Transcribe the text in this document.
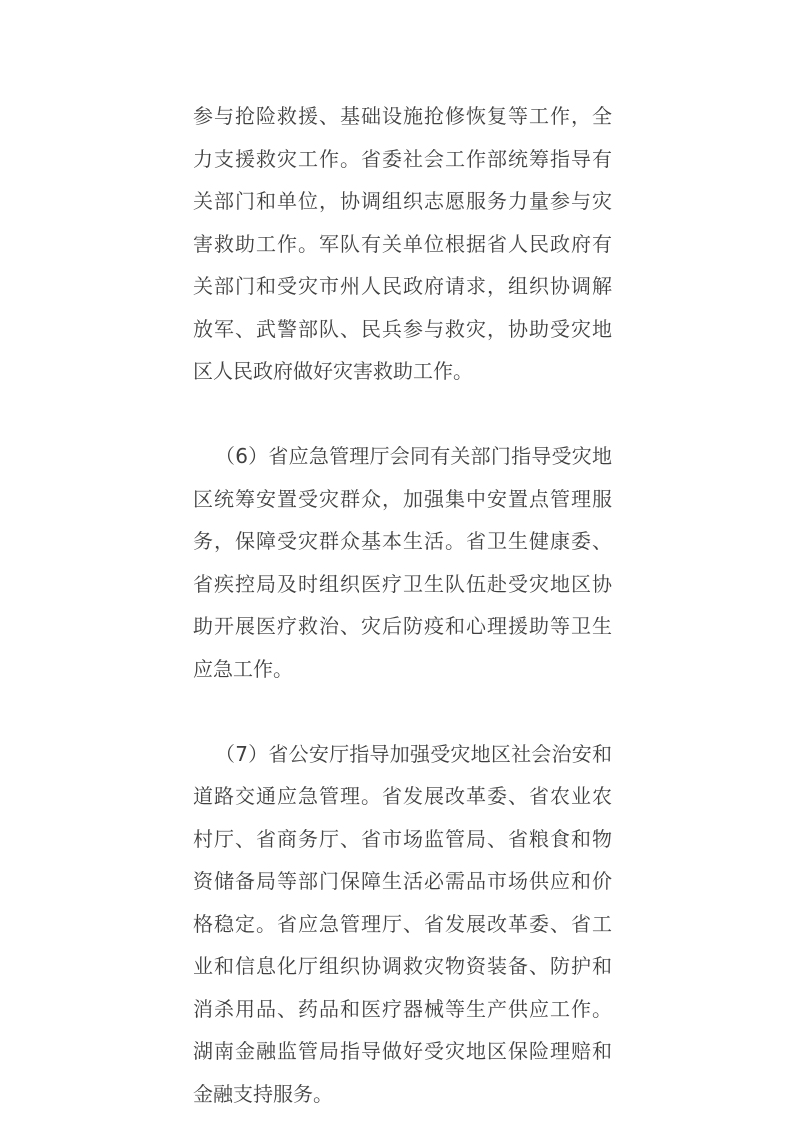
参与抢险救援、基础设施抢修恢复等工作，全力支援救灾工作。省委社会工作部统筹指导有关部门和单位，协调组织志愿服务力量参与灾害救助工作。军队有关单位根据省人民政府有关部门和受灾市州人民政府请求，组织协调解放军、武警部队、民兵参与救灾，协助受灾地区人民政府做好灾害救助工作。

（6）省应急管理厅会同有关部门指导受灾地区统筹安置受灾群众，加强集中安置点管理服务，保障受灾群众基本生活。省卫生健康委、省疾控局及时组织医疗卫生队伍赴受灾地区协助开展医疗救治、灾后防疫和心理援助等卫生应急工作。

（7）省公安厅指导加强受灾地区社会治安和道路交通应急管理。省发展改革委、省农业农村厅、省商务厅、省市场监管局、省粮食和物资储备局等部门保障生活必需品市场供应和价格稳定。省应急管理厅、省发展改革委、省工业和信息化厅组织协调救灾物资装备、防护和消杀用品、药品和医疗器械等生产供应工作。湖南金融监管局指导做好受灾地区保险理赔和金融支持服务。
